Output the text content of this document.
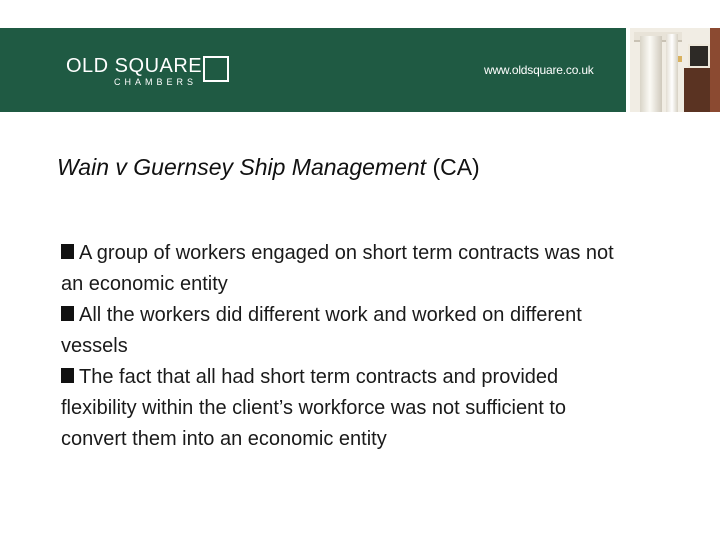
OLD SQUARE
CHAMBERS
www.oldsquare.co.uk
Wain v Guernsey Ship Management (CA)
A group of workers engaged on short term contracts was not an economic entity
All the workers did different work and worked on different vessels
The fact that all had short term contracts and provided flexibility within the client’s workforce was not sufficient to convert them into an economic entity
